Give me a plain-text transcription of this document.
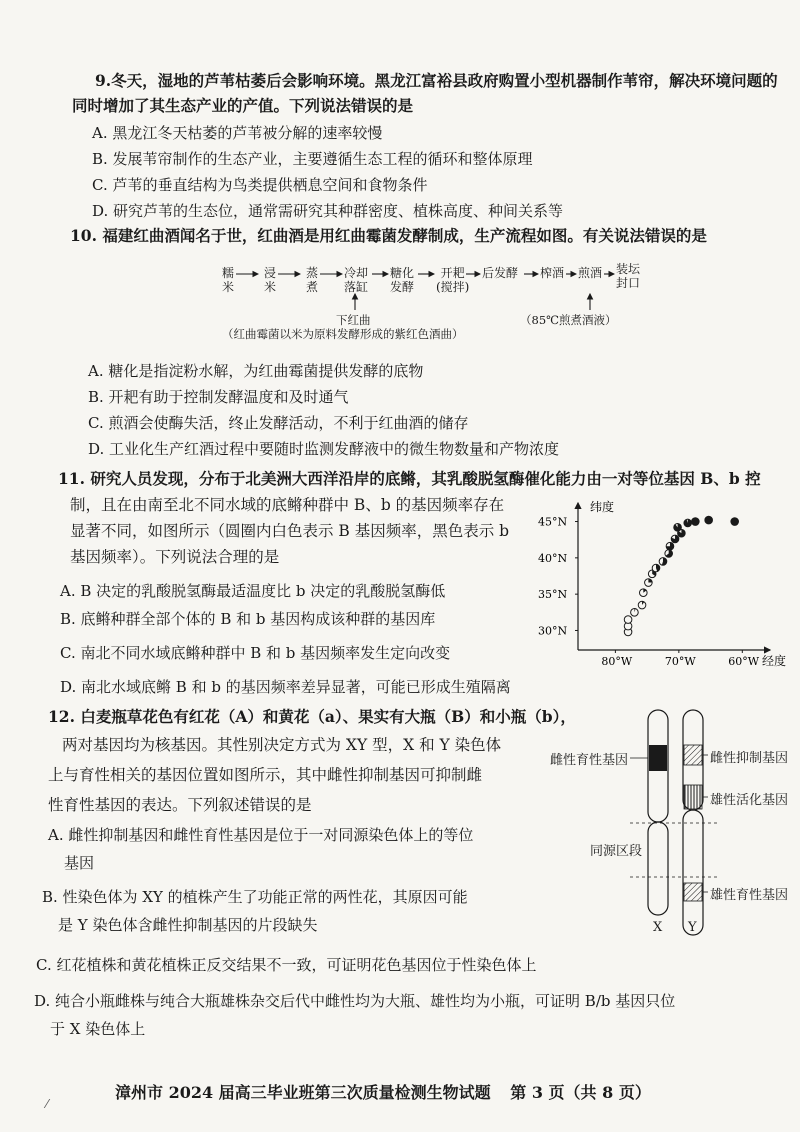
9.冬天，湿地的芦苇枯萎后会影响环境。黑龙江富裕县政府购置小型机器制作苇帘，解决环境问题的
同时增加了其生态产业的产值。下列说法错误的是
A. 黑龙江冬天枯萎的芦苇被分解的速率较慢
B. 发展苇帘制作的生态产业，主要遵循生态工程的循环和整体原理
C. 芦苇的垂直结构为鸟类提供栖息空间和食物条件
D. 研究芦苇的生态位，通常需研究其种群密度、植株高度、种间关系等
10. 福建红曲酒闻名于世，红曲酒是用红曲霉菌发酵制成，生产流程如图。有关说法错误的是
糯
米
浸
米
蒸
煮
冷却
落缸
糖化
发酵
开耙
(搅拌)
后发酵 榨酒 煎酒 装坛
封口
下红曲
（红曲霉菌以米为原料发酵形成的紫红色酒曲）
（85℃煎煮酒液）
A. 糖化是指淀粉水解，为红曲霉菌提供发酵的底物
B. 开耙有助于控制发酵温度和及时通气
C. 煎酒会使酶失活，终止发酵活动，不利于红曲酒的储存
D. 工业化生产红酒过程中要随时监测发酵液中的微生物数量和产物浓度
11. 研究人员发现，分布于北美洲大西洋沿岸的底鳉，其乳酸脱氢酶催化能力由一对等位基因 B、b 控
制，且在由南至北不同水域的底鳉种群中 B、b 的基因频率存在
显著不同，如图所示（圆圈内白色表示 B 基因频率，黑色表示 b
基因频率）。下列说法合理的是
A. B 决定的乳酸脱氢酶最适温度比 b 决定的乳酸脱氢酶低
B. 底鳉种群全部个体的 B 和 b 基因构成该种群的基因库
C. 南北不同水域底鳉种群中 B 和 b 基因频率发生定向改变
D. 南北水域底鳉 B 和 b 的基因频率差异显著，可能已形成生殖隔离
纬度
经度
45°N
40°N
35°N
30°N
80°W	70°W	60°W
12. 白麦瓶草花色有红花（A）和黄花（a）、果实有大瓶（B）和小瓶（b），
两对基因均为核基因。其性别决定方式为 XY 型，X 和 Y 染色体
上与育性相关的基因位置如图所示，其中雌性抑制基因可抑制雌
性育性基因的表达。下列叙述错误的是
A. 雌性抑制基因和雌性育性基因是位于一对同源染色体上的等位
基因
B. 性染色体为 XY 的植株产生了功能正常的两性花，其原因可能
是 Y 染色体含雌性抑制基因的片段缺失
C. 红花植株和黄花植株正反交结果不一致，可证明花色基因位于性染色体上
D. 纯合小瓶雌株与纯合大瓶雄株杂交后代中雌性均为大瓶、雄性均为小瓶，可证明 B/b 基因只位
于 X 染色体上
雌性育性基因	雌性抑制基因
雄性活化基因
同源区段
雄性育性基因
X Y
漳州市 2024 届高三毕业班第三次质量检测生物试题 第 3 页（共 8 页）
⁄
